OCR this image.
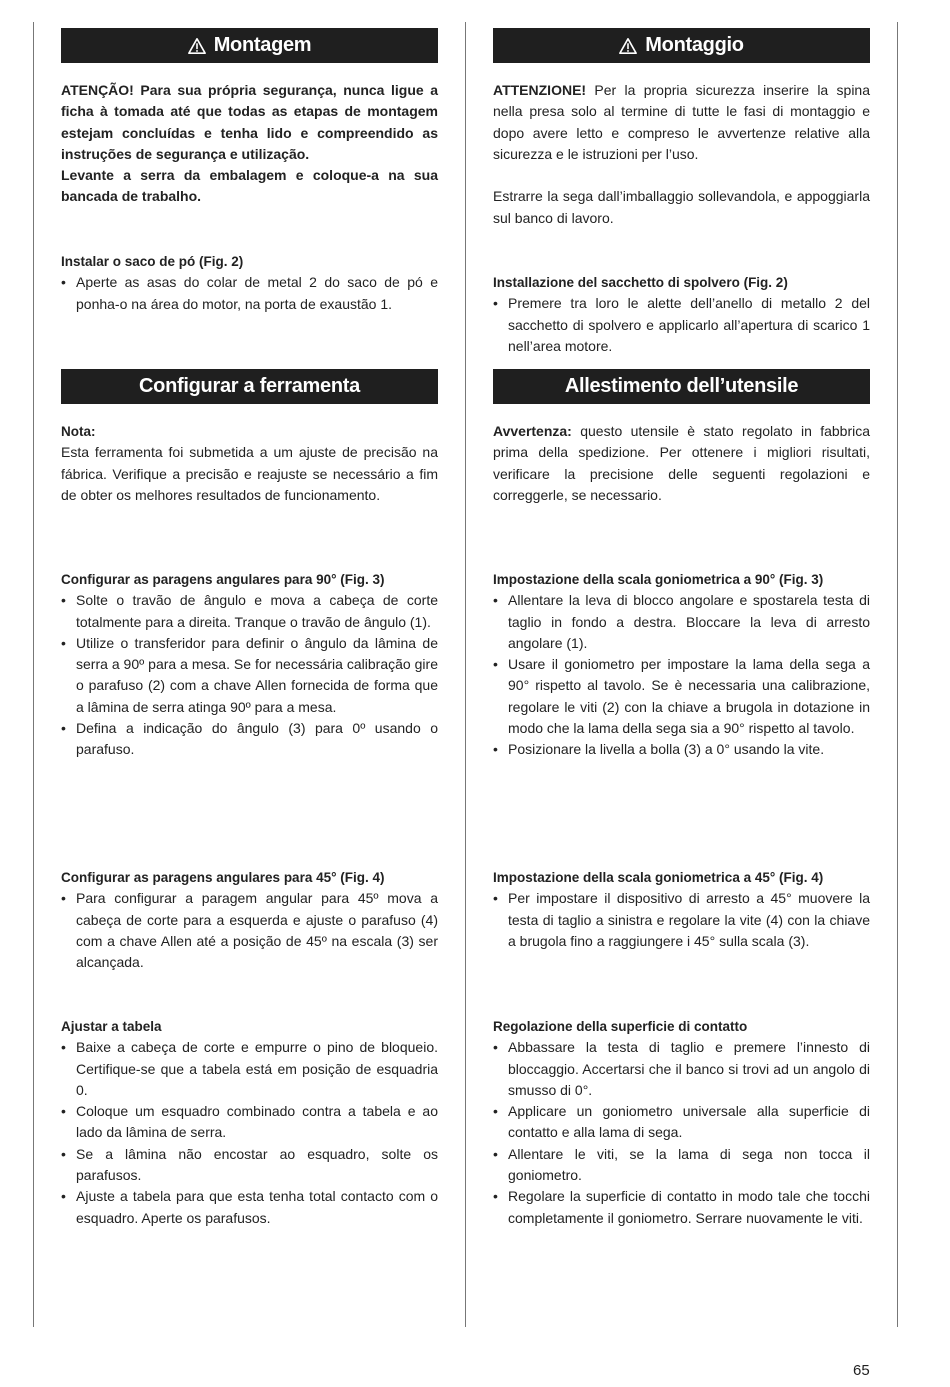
Montagem

ATENÇÃO! Para sua própria segurança, nunca ligue a ficha à tomada até que todas as etapas de montagem estejam concluídas e tenha lido e compreendido as instruções de segurança e utilização.

Levante a serra da embalagem e coloque-a na sua bancada de trabalho.

Instalar o saco de pó (Fig. 2)
• Aperte as asas do colar de metal 2 do saco de pó e ponha-o na área do motor, na porta de exaustão 1.
Configurar a ferramenta
Nota:

Esta ferramenta foi submetida a um ajuste de precisão na fábrica. Verifique a precisão e reajuste se necessário a fim de obter os melhores resultados de funcionamento.

Configurar as paragens angulares para 90° (Fig. 3)
• Solte o travão de ângulo e mova a cabeça de corte totalmente para a direita. Tranque o travão de ângulo (1).
• Utilize o transferidor para definir o ângulo da lâmina de serra a 90º para a mesa. Se for necessária calibração gire o parafuso (2) com a chave Allen fornecida de forma que a lâmina de serra atinga 90º para a mesa.
• Defina a indicação do ângulo (3) para 0º usando o parafuso.
Configurar as paragens angulares para 45° (Fig. 4)
• Para configurar a paragem angular para 45º mova a cabeça de corte para a esquerda e ajuste o parafuso (4) com a chave Allen até a posição de 45º na escala (3) ser alcançada.
Ajustar a tabela
• Baixe a cabeça de corte e empurre o pino de bloqueio. Certifique-se que a tabela está em posição de esquadria 0.
• Coloque um esquadro combinado contra a tabela e ao lado da lâmina de serra.
• Se a lâmina não encostar ao esquadro, solte os parafusos.
• Ajuste a tabela para que esta tenha total contacto com o esquadro. Aperte os parafusos.
Montaggio

ATTENZIONE! Per la propria sicurezza inserire la spina nella presa solo al termine di tutte le fasi di montaggio e dopo avere letto e compreso le avvertenze relative alla sicurezza e le istruzioni per l’uso.

Estrarre la sega dall’imballaggio sollevandola, e appoggiarla sul banco di lavoro.

Installazione del sacchetto di spolvero (Fig. 2)
• Premere tra loro le alette dell’anello di metallo 2 del sacchetto di spolvero e applicarlo all’apertura di scarico 1 nell’area motore.
Allestimento dell’utensile

Avvertenza: questo utensile è stato regolato in fabbrica prima della spedizione. Per ottenere i migliori risultati, verificare la precisione delle seguenti regolazioni e correggerle, se necessario.

Impostazione della scala goniometrica a 90° (Fig. 3)
• Allentare la leva di blocco angolare e spostarela testa di taglio in fondo a destra. Bloccare la leva di arresto angolare (1).
• Usare il goniometro per impostare la lama della sega a 90° rispetto al tavolo. Se è necessaria una calibrazione, regolare le viti (2) con la chiave a brugola in dotazione in modo che la lama della sega sia a 90° rispetto al tavolo.
• Posizionare la livella a bolla (3) a 0° usando la vite.
Impostazione della scala goniometrica a 45° (Fig. 4)
• Per impostare il dispositivo di arresto a 45° muovere la testa di taglio a sinistra e regolare la vite (4) con la chiave a brugola fino a raggiungere i 45° sulla scala (3).
Regolazione della superficie di contatto
• Abbassare la testa di taglio e premere l’innesto di bloccaggio. Accertarsi che il banco si trovi ad un angolo di smusso di 0°.
• Applicare un goniometro universale alla superficie di contatto e alla lama di sega.
• Allentare le viti, se la lama di sega non tocca il goniometro.
• Regolare la superficie di contatto in modo tale che tocchi completamente il goniometro. Serrare nuovamente le viti.
65
